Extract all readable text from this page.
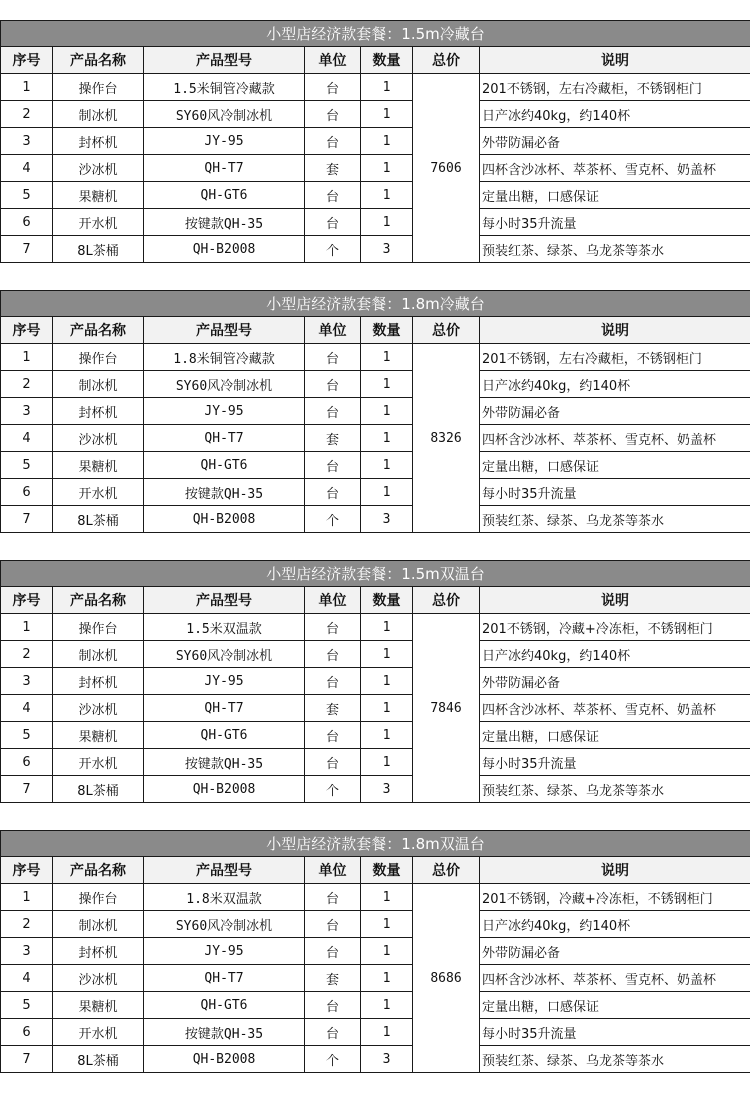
小型店经济款套餐：1.5m冷藏台						
序号	产品名称	产品型号	单位	数量	总价	说明
1	操作台	1.5米铜管冷藏款	台	1	7606	201不锈钢，左右冷藏柜，不锈钢柜门
2	制冰机	SY60风冷制冰机	台	1		日产冰约40kg，约140杯
3	封杯机	JY-95	台	1		外带防漏必备
4	沙冰机	QH-T7	套	1		四杯含沙冰杯、萃茶杯、雪克杯、奶盖杯
5	果糖机	QH-GT6	台	1		定量出糖，口感保证
6	开水机	按键款QH-35	台	1		每小时35升流量
7	8L茶桶	QH-B2008	个	3		预装红茶、绿茶、乌龙茶等茶水
小型店经济款套餐：1.8m冷藏台						
序号	产品名称	产品型号	单位	数量	总价	说明
1	操作台	1.8米铜管冷藏款	台	1	8326	201不锈钢，左右冷藏柜，不锈钢柜门
2	制冰机	SY60风冷制冰机	台	1		日产冰约40kg，约140杯
3	封杯机	JY-95	台	1		外带防漏必备
4	沙冰机	QH-T7	套	1		四杯含沙冰杯、萃茶杯、雪克杯、奶盖杯
5	果糖机	QH-GT6	台	1		定量出糖，口感保证
6	开水机	按键款QH-35	台	1		每小时35升流量
7	8L茶桶	QH-B2008	个	3		预装红茶、绿茶、乌龙茶等茶水
小型店经济款套餐：1.5m双温台						
序号	产品名称	产品型号	单位	数量	总价	说明
1	操作台	1.5米双温款	台	1	7846	201不锈钢，冷藏+冷冻柜，不锈钢柜门
2	制冰机	SY60风冷制冰机	台	1		日产冰约40kg，约140杯
3	封杯机	JY-95	台	1		外带防漏必备
4	沙冰机	QH-T7	套	1		四杯含沙冰杯、萃茶杯、雪克杯、奶盖杯
5	果糖机	QH-GT6	台	1		定量出糖，口感保证
6	开水机	按键款QH-35	台	1		每小时35升流量
7	8L茶桶	QH-B2008	个	3		预装红茶、绿茶、乌龙茶等茶水
小型店经济款套餐：1.8m双温台						
序号	产品名称	产品型号	单位	数量	总价	说明
1	操作台	1.8米双温款	台	1	8686	201不锈钢，冷藏+冷冻柜，不锈钢柜门
2	制冰机	SY60风冷制冰机	台	1		日产冰约40kg，约140杯
3	封杯机	JY-95	台	1		外带防漏必备
4	沙冰机	QH-T7	套	1		四杯含沙冰杯、萃茶杯、雪克杯、奶盖杯
5	果糖机	QH-GT6	台	1		定量出糖，口感保证
6	开水机	按键款QH-35	台	1		每小时35升流量
7	8L茶桶	QH-B2008	个	3		预装红茶、绿茶、乌龙茶等茶水
